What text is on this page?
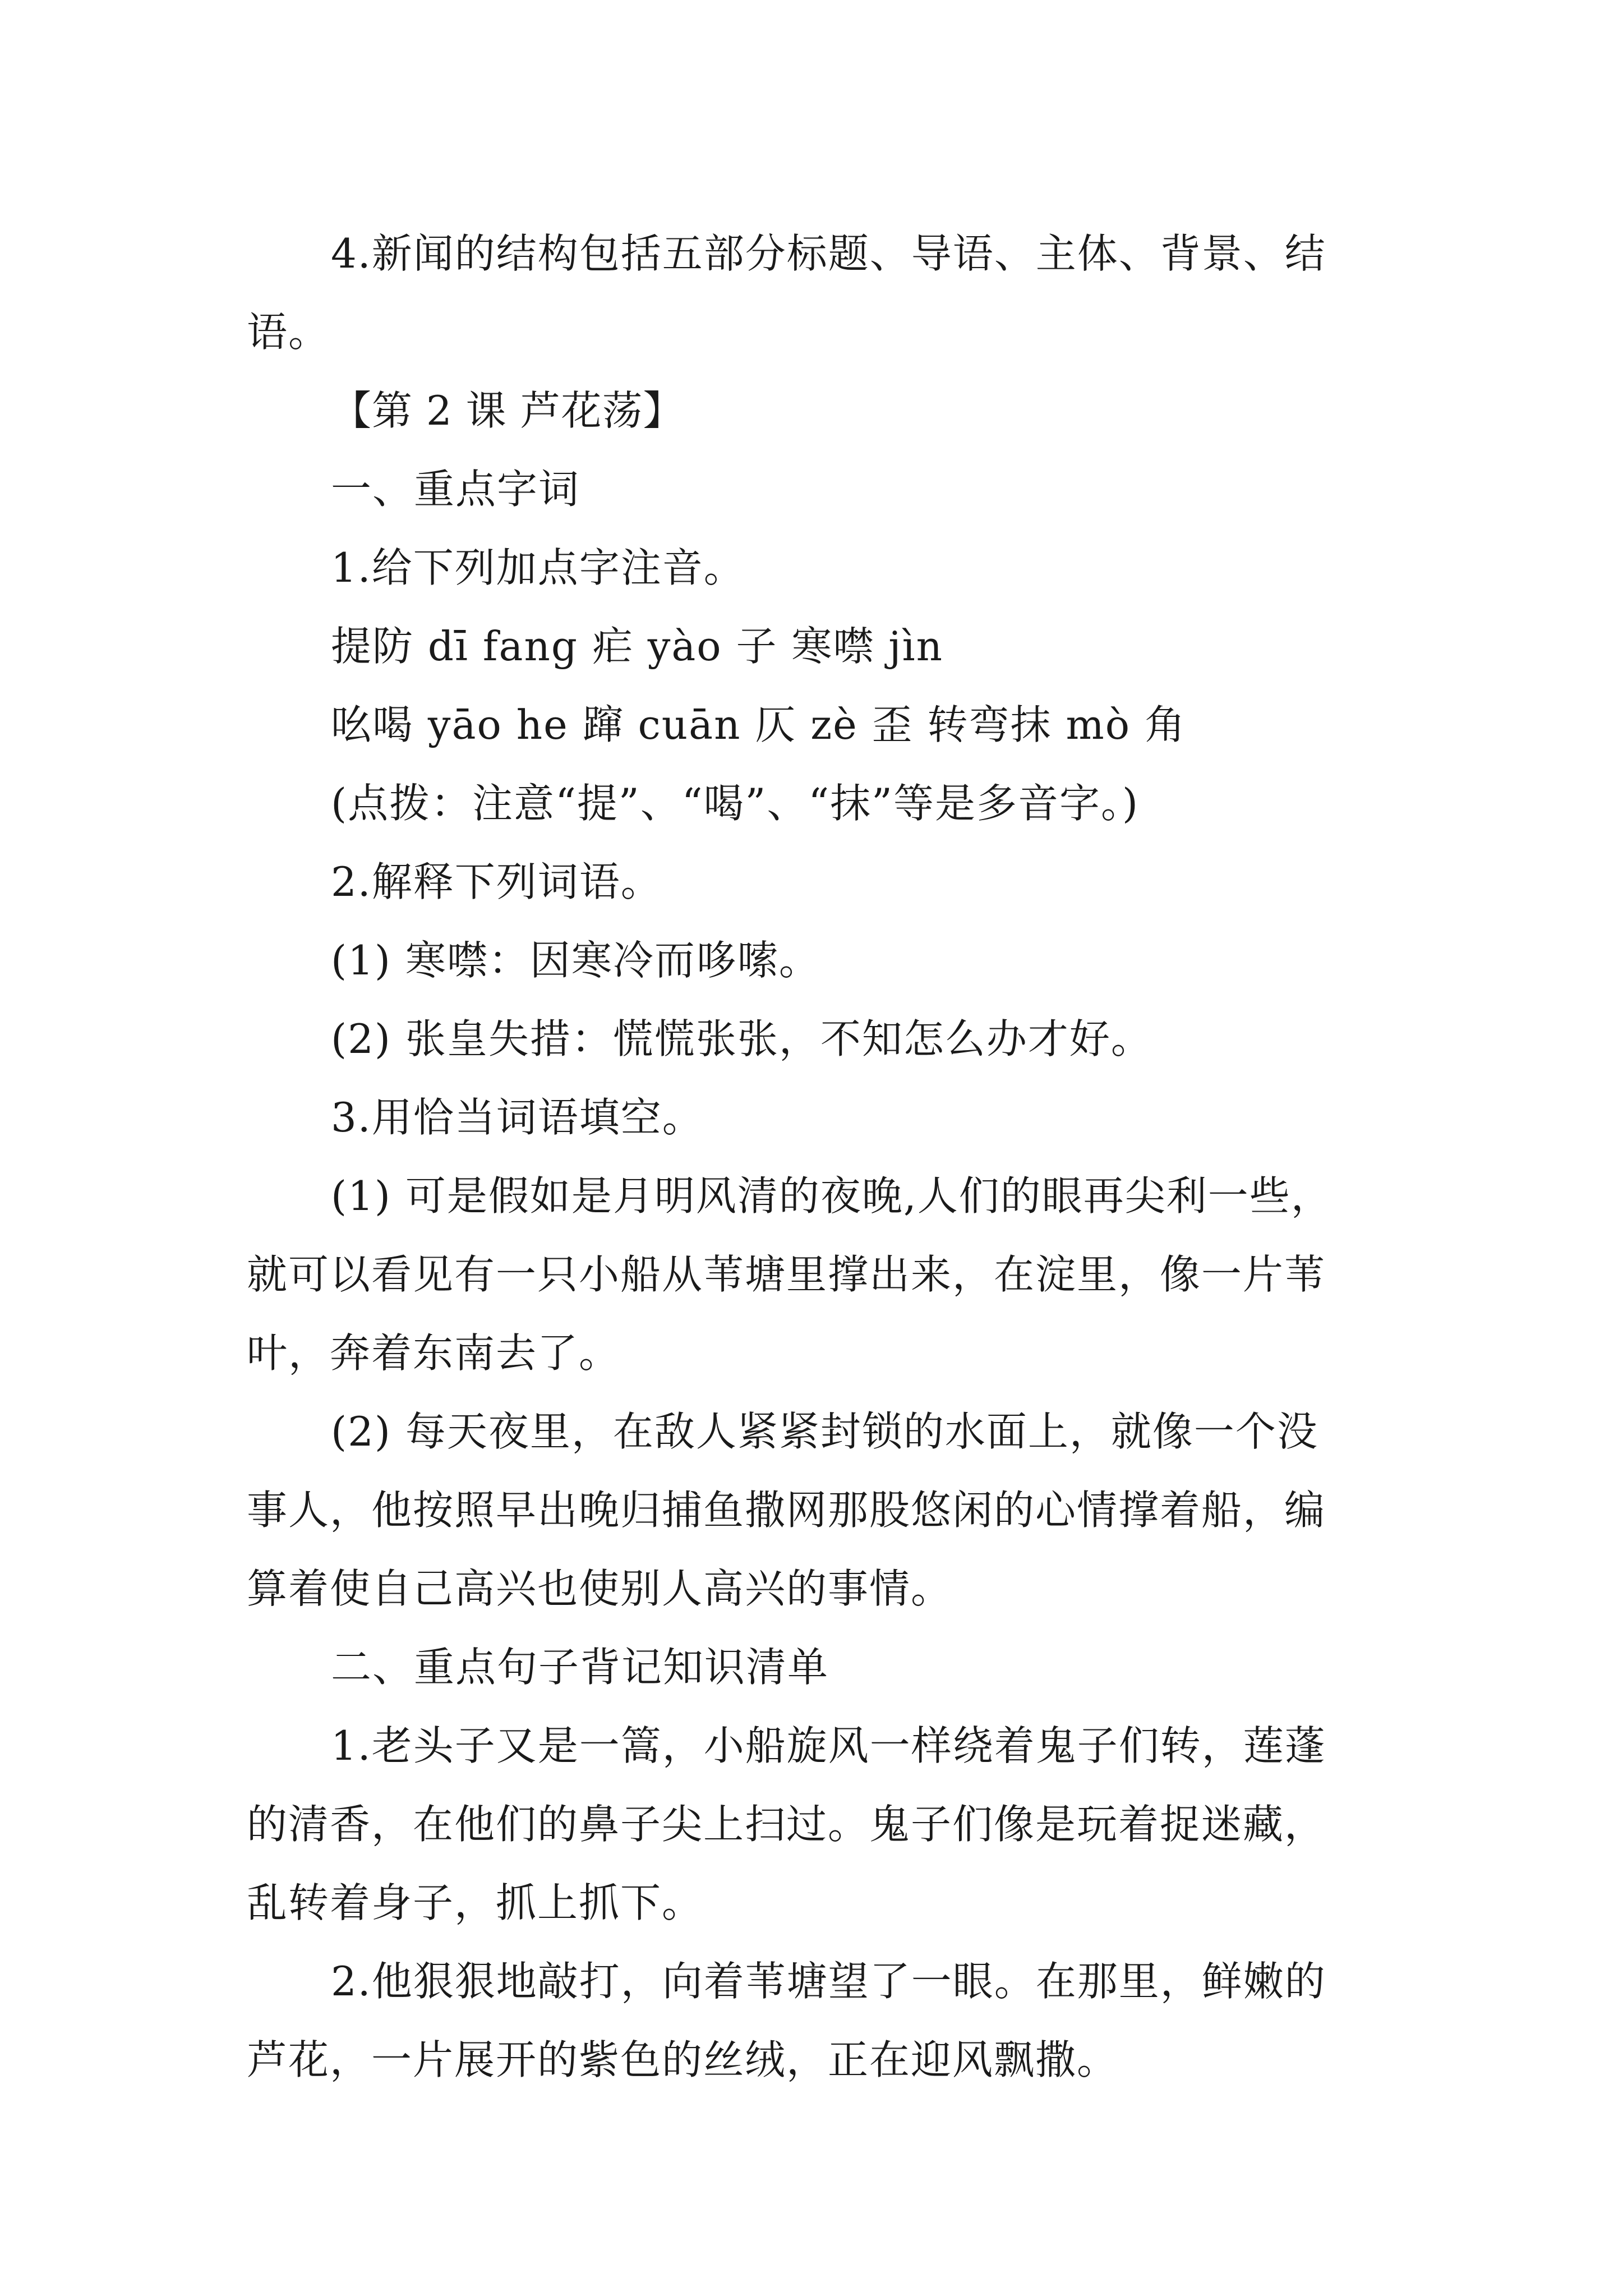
4.新闻的结构包括五部分标题、导语、主体、背景、结
语。
【第 2 课 芦花荡】
一、重点字词
1.给下列加点字注音。
提防 dī fang 疟 yào 子 寒噤 jìn
吆喝 yāo he 蹿 cuān 仄 zè 歪 转弯抹 mò 角
(点拨：注意“提”、“喝”、“抹”等是多音字。)
2.解释下列词语。
(1) 寒噤：因寒冷而哆嗦。
(2) 张皇失措：慌慌张张，不知怎么办才好。
3.用恰当词语填空。
(1) 可是假如是月明风清的夜晚,人们的眼再尖利一些，
就可以看见有一只小船从苇塘里撑出来，在淀里，像一片苇
叶，奔着东南去了。
(2) 每天夜里，在敌人紧紧封锁的水面上，就像一个没
事人，他按照早出晚归捕鱼撒网那股悠闲的心情撑着船，编
算着使自己高兴也使别人高兴的事情。
二、重点句子背记知识清单
1.老头子又是一篙，小船旋风一样绕着鬼子们转，莲蓬
的清香，在他们的鼻子尖上扫过。鬼子们像是玩着捉迷藏，
乱转着身子，抓上抓下。
2.他狠狠地敲打，向着苇塘望了一眼。在那里，鲜嫩的
芦花，一片展开的紫色的丝绒，正在迎风飘撒。
